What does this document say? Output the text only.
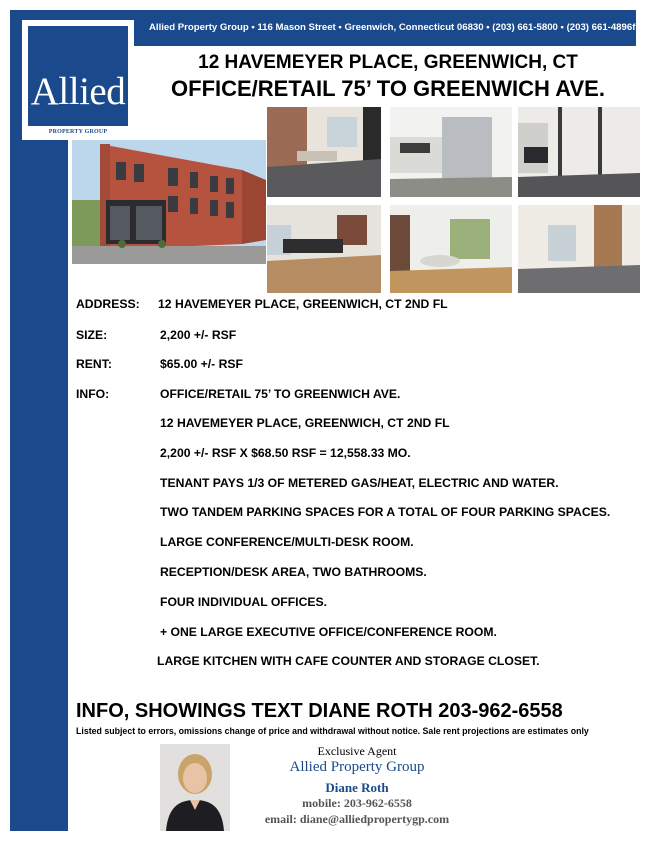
Allied Property Group • 116 Mason Street • Greenwich, Connecticut 06830 • (203) 661-5800 • (203) 661-4896f
Allied
PROPERTY GROUP
12 HAVEMEYER PLACE, GREENWICH, CT
OFFICE/RETAIL 75’ TO GREENWICH AVE.
ADDRESS: 12 HAVEMEYER PLACE, GREENWICH, CT 2ND FL
SIZE:	2,200 +/- RSF
RENT:	$65.00 +/- RSF
INFO:	OFFICE/RETAIL 75’ TO GREENWICH AVE.
12 HAVEMEYER PLACE, GREENWICH, CT 2ND FL
2,200 +/- RSF X $68.50 RSF = 12,558.33 MO.
TENANT PAYS 1/3 OF METERED GAS/HEAT, ELECTRIC AND WATER.
TWO TANDEM PARKING SPACES FOR A TOTAL OF FOUR PARKING SPACES.
LARGE CONFERENCE/MULTI-DESK ROOM.
RECEPTION/DESK AREA, TWO BATHROOMS.
FOUR INDIVIDUAL OFFICES.
+ ONE LARGE EXECUTIVE OFFICE/CONFERENCE ROOM.
LARGE KITCHEN WITH CAFE COUNTER AND STORAGE CLOSET.
INFO, SHOWINGS TEXT DIANE ROTH 203-962-6558
Listed subject to errors, omissions change of price and withdrawal without notice. Sale rent projections are estimates only
Exclusive Agent
Allied Property Group
Diane Roth
mobile: 203-962-6558
email: diane@alliedpropertygp.com
